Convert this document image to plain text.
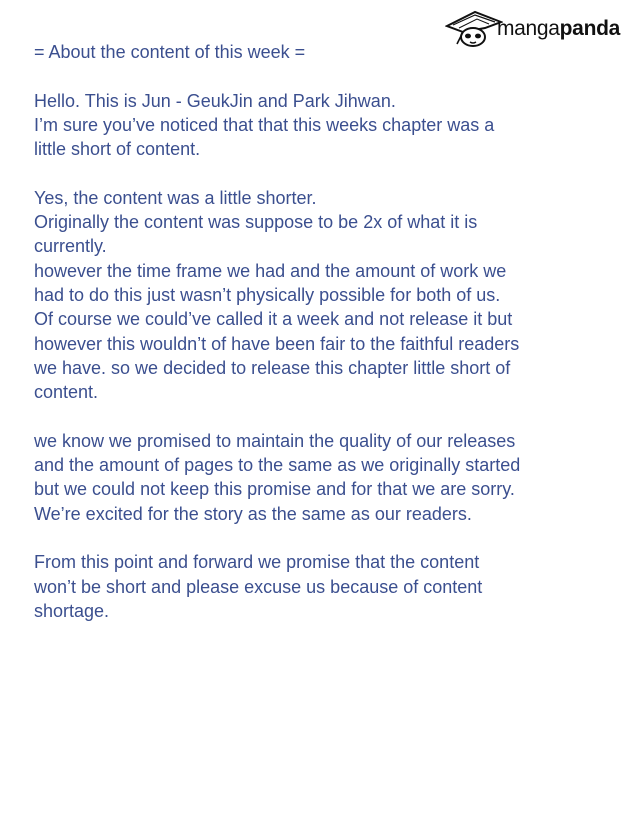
mangapanda

= About the content of this week =

Hello. This is Jun - GeukJin and Park Jihwan.
I’m sure you’ve noticed that that this weeks chapter was a
little short of content.

Yes, the content was a little shorter.
Originally the content was suppose to be 2x of what it is
currently.
however the time frame we had and the amount of work we
had to do this just wasn’t physically possible for both of us.
Of course we could’ve called it a week and not release it but
however this wouldn’t of have been fair to the faithful readers
we have. so we decided to release this chapter little short of
content.

we know we promised to maintain the quality of our releases
and the amount of pages to the same as we originally started
but we could not keep this promise and for that we are sorry.
We’re excited for the story as the same as our readers.

From this point and forward we promise that the content
won’t be short and please excuse us because of content
shortage.
